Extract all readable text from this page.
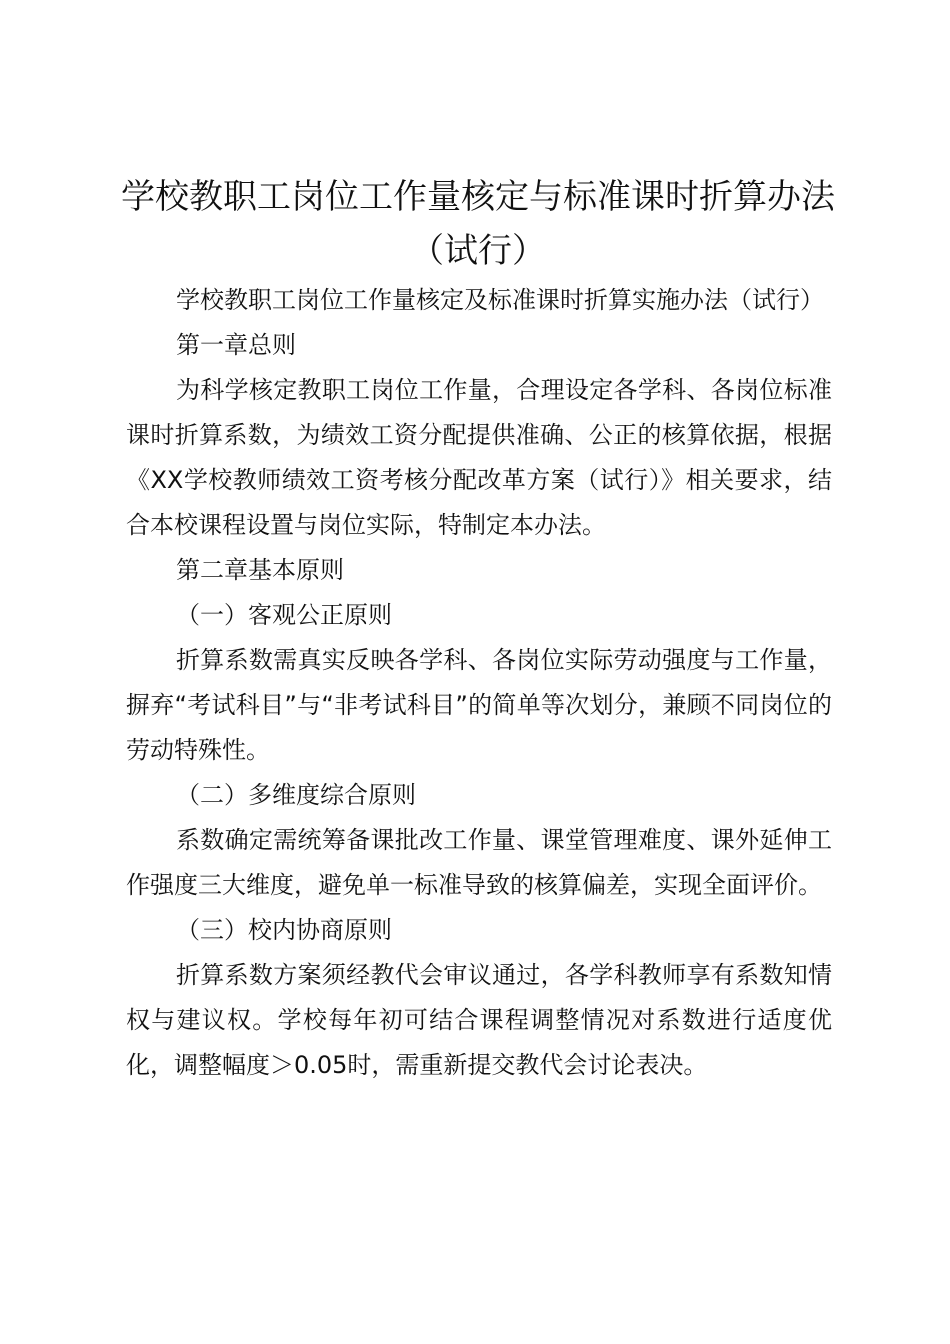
学校教职工岗位工作量核定与标准课时折算办法（试行）

学校教职工岗位工作量核定及标准课时折算实施办法（试行）

第一章总则

为科学核定教职工岗位工作量，合理设定各学科、各岗位标准课时折算系数，为绩效工资分配提供准确、公正的核算依据，根据《XX学校教师绩效工资考核分配改革方案（试行）》相关要求，结合本校课程设置与岗位实际，特制定本办法。

第二章基本原则

（一）客观公正原则

折算系数需真实反映各学科、各岗位实际劳动强度与工作量，摒弃“考试科目”与“非考试科目”的简单等次划分，兼顾不同岗位的劳动特殊性。

（二）多维度综合原则

系数确定需统筹备课批改工作量、课堂管理难度、课外延伸工作强度三大维度，避免单一标准导致的核算偏差，实现全面评价。

（三）校内协商原则

折算系数方案须经教代会审议通过，各学科教师享有系数知情权与建议权。学校每年初可结合课程调整情况对系数进行适度优化，调整幅度＞0.05时，需重新提交教代会讨论表决。
